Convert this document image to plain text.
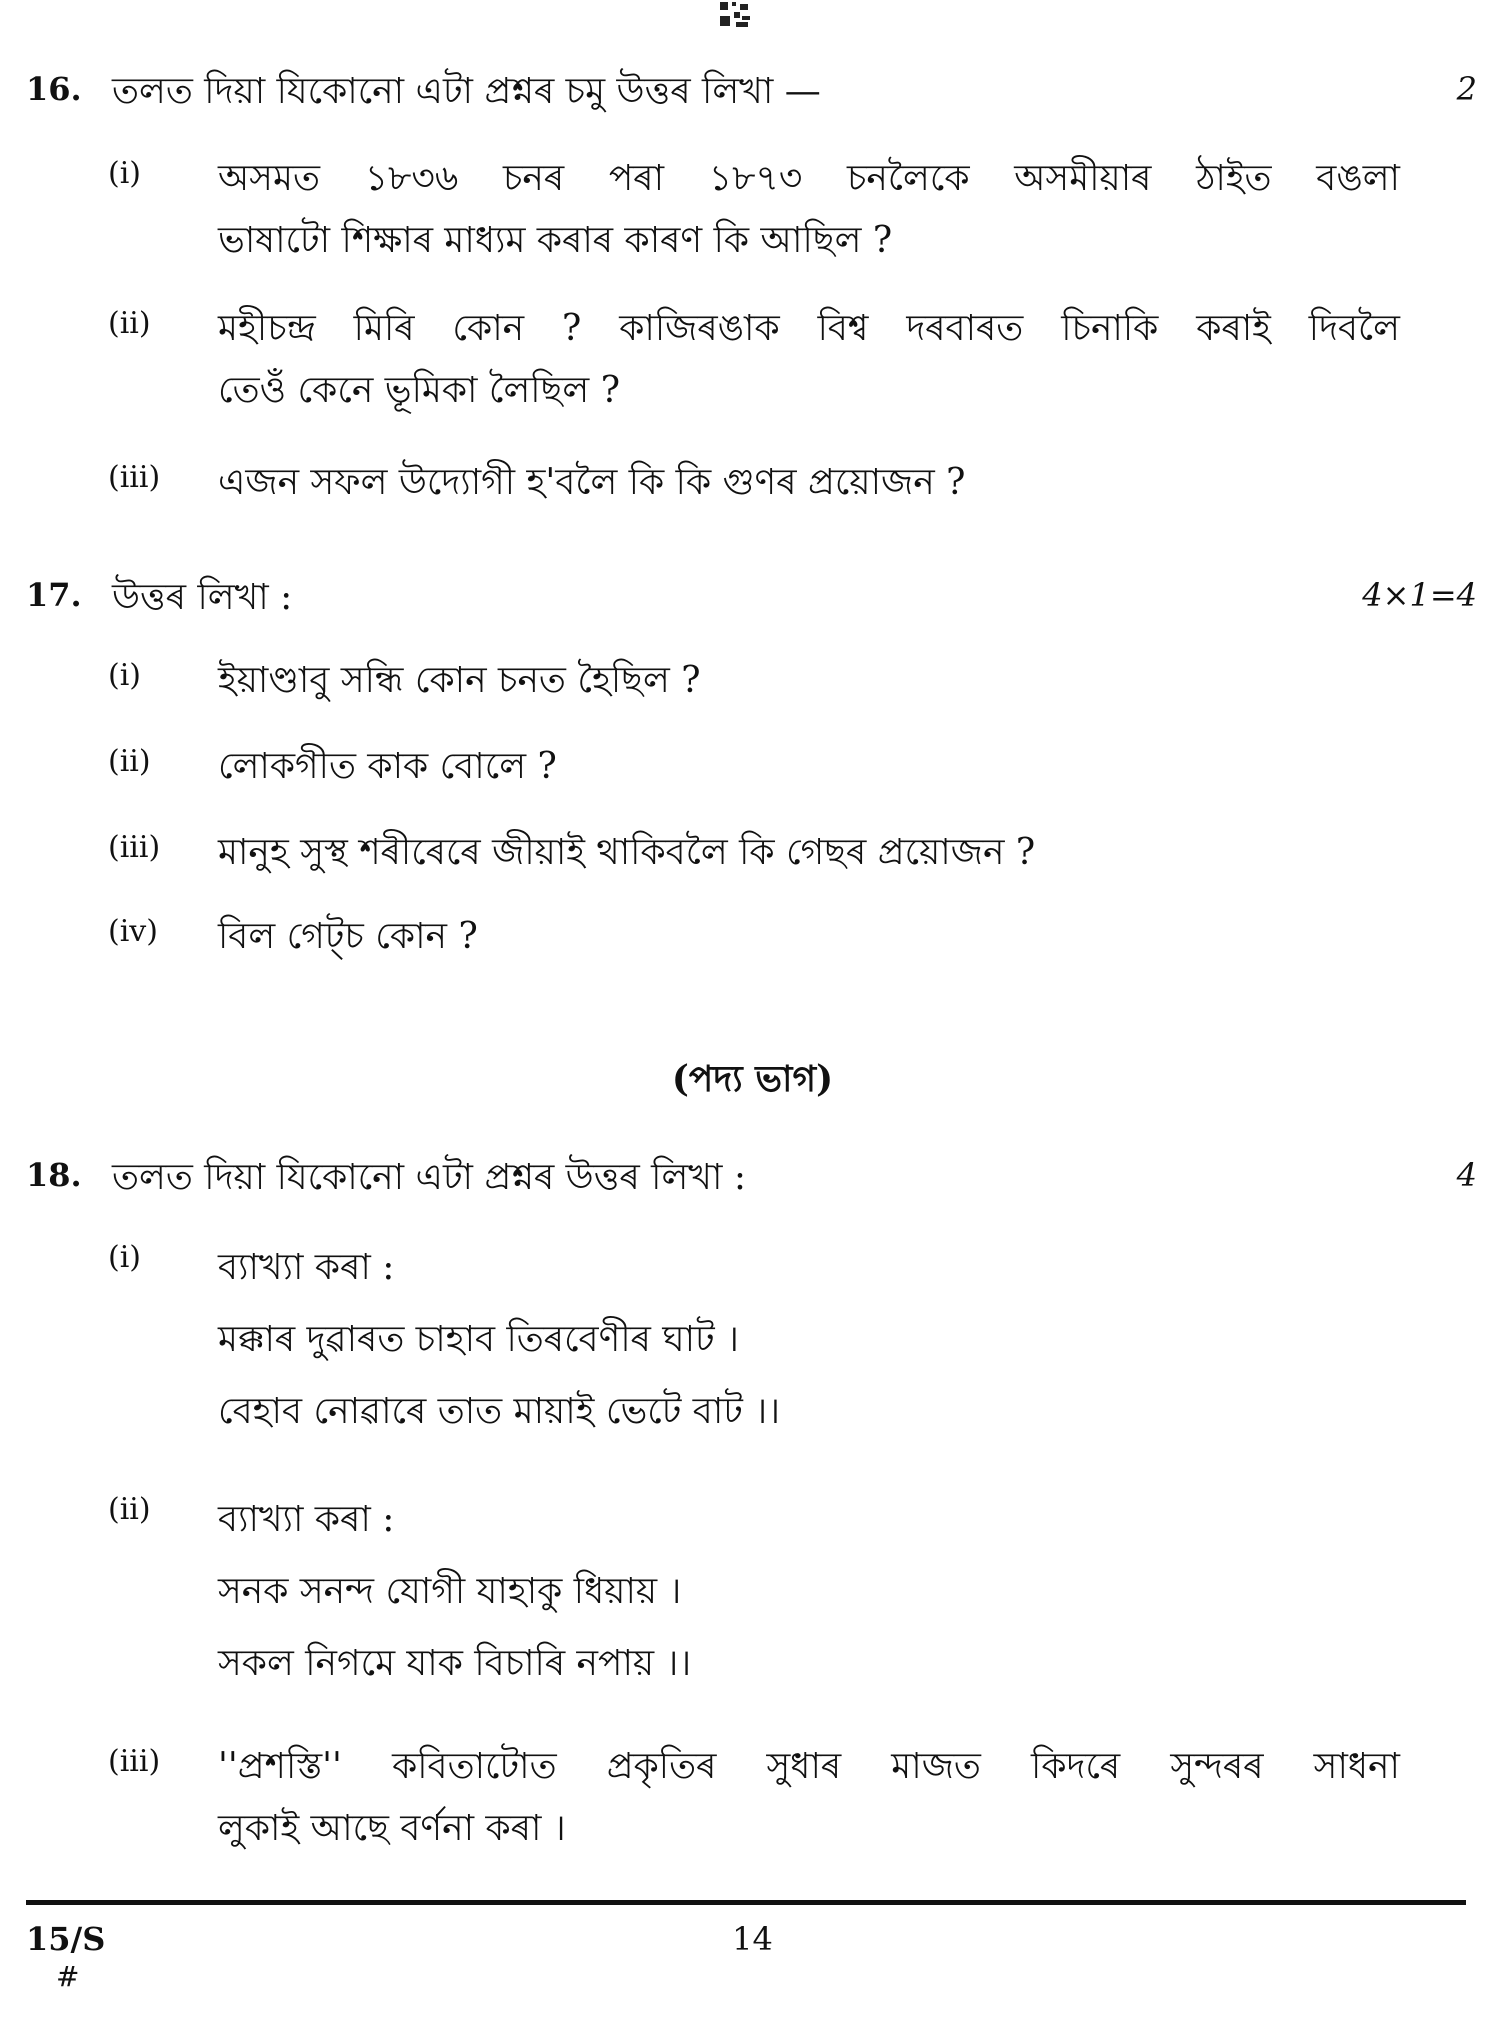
16. তলত দিয়া যিকোনো এটা প্ৰশ্নৰ চমু উত্তৰ লিখা —	2
(i) অসমত ১৮৩৬ চনৰ পৰা ১৮৭৩ চনলৈকে অসমীয়াৰ ঠাইত বঙলা
ভাষাটো শিক্ষাৰ মাধ্যম কৰাৰ কাৰণ কি আছিল ?
(ii) মহীচন্দ্ৰ মিৰি কোন ? কাজিৰঙাক বিশ্ব দৰবাৰত চিনাকি কৰাই দিবলৈ
তেওঁ কেনে ভূমিকা লৈছিল ?
(iii) এজন সফল উদ্যোগী হ'বলৈ কি কি গুণৰ প্ৰয়োজন ?
17. উত্তৰ লিখা :	4×1=4
(i) ইয়াণ্ডাবু সন্ধি কোন চনত হৈছিল ?
(ii) লোকগীত কাক বোলে ?
(iii) মানুহ সুস্থ শৰীৰেৰে জীয়াই থাকিবলৈ কি গেছৰ প্ৰয়োজন ?
(iv) বিল গেট্‌চ কোন ?
(পদ্য ভাগ)
18. তলত দিয়া যিকোনো এটা প্ৰশ্নৰ উত্তৰ লিখা :	4
(i) ব্যাখ্যা কৰা :
মক্কাৰ দুৱাৰত চাহাব তিৰবেণীৰ ঘাট ।
বেহাব নোৱাৰে তাত মায়াই ভেটে বাট ।।
(ii) ব্যাখ্যা কৰা :
সনক সনন্দ যোগী যাহাকু ধিয়ায় ।
সকল নিগমে যাক বিচাৰি নপায় ।।
(iii) ''প্ৰশস্তি'' কবিতাটোত প্ৰকৃতিৰ সুধাৰ মাজত কিদৰে সুন্দৰৰ সাধনা
লুকাই আছে বৰ্ণনা কৰা ।
15/S
#
14
